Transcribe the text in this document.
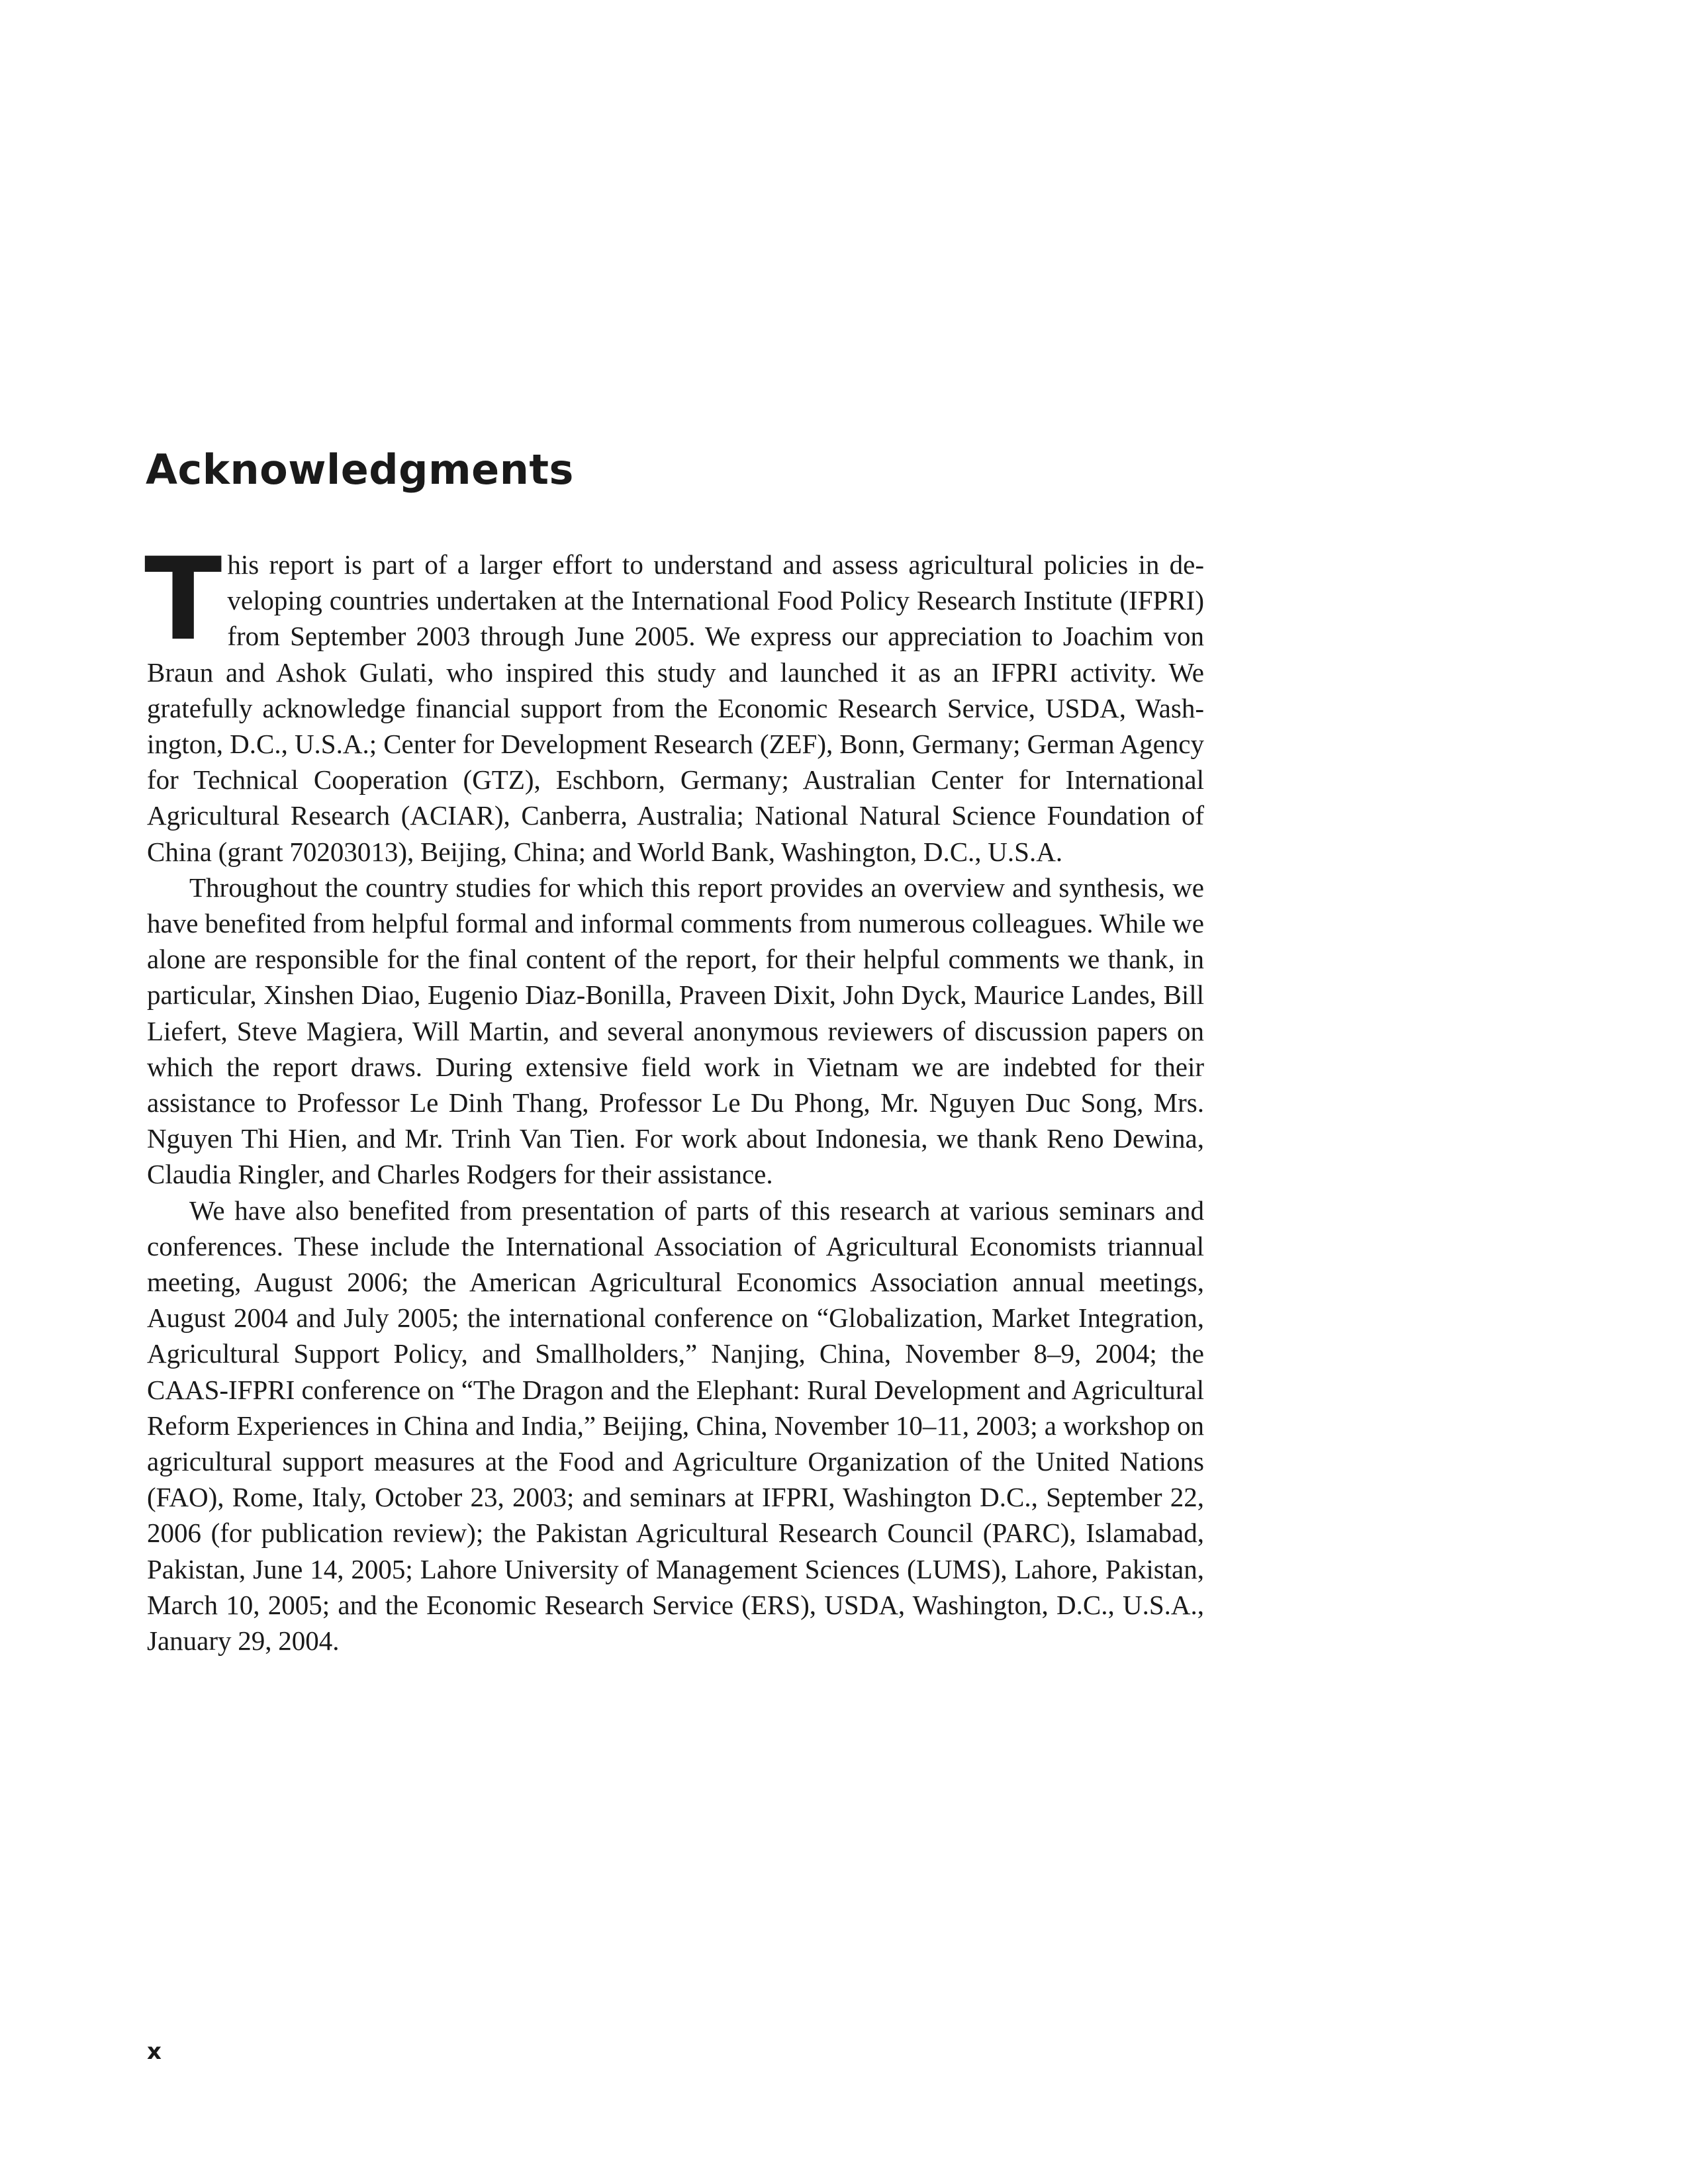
Acknowledgments

This report is part of a larger effort to understand and assess agricultural policies in developing countries undertaken at the International Food Policy Research Institute (IFPRI) from September 2003 through June 2005. We express our appreciation to Joachim von Braun and Ashok Gulati, who inspired this study and launched it as an IFPRI activity. We gratefully acknowledge financial support from the Economic Research Service, USDA, Washington, D.C., U.S.A.; Center for Development Research (ZEF), Bonn, Germany; German Agency for Technical Cooperation (GTZ), Eschborn, Germany; Australian Center for International Agricultural Research (ACIAR), Canberra, Australia; National Natural Science Foundation of China (grant 70203013), Beijing, China; and World Bank, Washington, D.C., U.S.A.

Throughout the country studies for which this report provides an overview and synthesis, we have benefited from helpful formal and informal comments from numerous colleagues. While we alone are responsible for the final content of the report, for their helpful comments we thank, in particular, Xinshen Diao, Eugenio Diaz-Bonilla, Praveen Dixit, John Dyck, Maurice Landes, Bill Liefert, Steve Magiera, Will Martin, and several anonymous reviewers of discussion papers on which the report draws. During extensive field work in Vietnam we are indebted for their assistance to Professor Le Dinh Thang, Professor Le Du Phong, Mr. Nguyen Duc Song, Mrs. Nguyen Thi Hien, and Mr. Trinh Van Tien. For work about Indonesia, we thank Reno Dewina, Claudia Ringler, and Charles Rodgers for their assistance.

We have also benefited from presentation of parts of this research at various seminars and conferences. These include the International Association of Agricultural Economists triannual meeting, August 2006; the American Agricultural Economics Association annual meetings, August 2004 and July 2005; the international conference on “Globalization, Market Integration, Agricultural Support Policy, and Smallholders,” Nanjing, China, November 8–9, 2004; the CAAS-IFPRI conference on “The Dragon and the Elephant: Rural Development and Agricultural Reform Experiences in China and India,” Beijing, China, November 10–11, 2003; a workshop on agricultural support measures at the Food and Agriculture Organization of the United Nations (FAO), Rome, Italy, October 23, 2003; and seminars at IFPRI, Washington D.C., September 22, 2006 (for publication review); the Pakistan Agricultural Research Council (PARC), Islamabad, Pakistan, June 14, 2005; Lahore University of Management Sciences (LUMS), Lahore, Pakistan, March 10, 2005; and the Economic Research Service (ERS), USDA, Washington, D.C., U.S.A., January 29, 2004.

x
